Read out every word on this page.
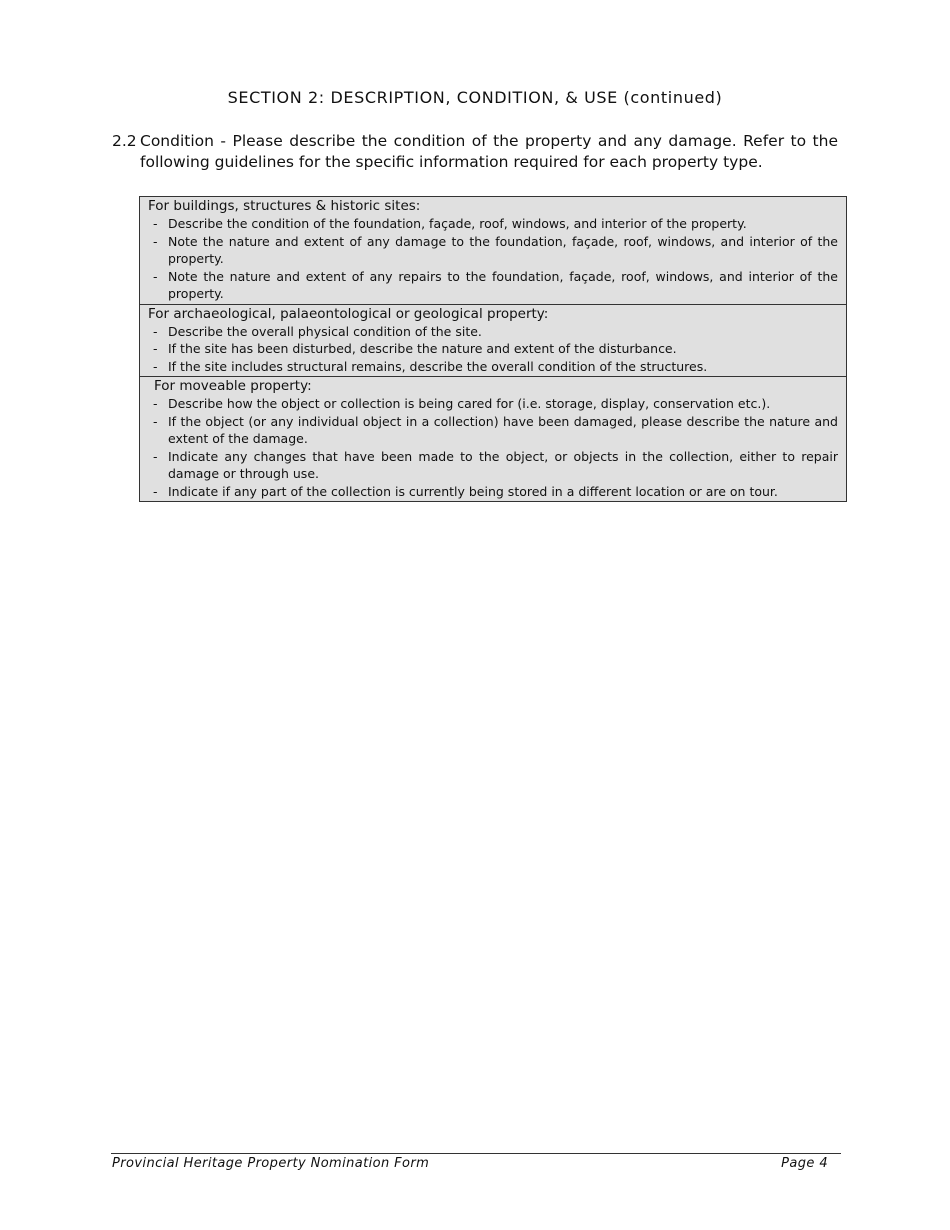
SECTION 2: DESCRIPTION, CONDITION, & USE (continued)
2.2 Condition - Please describe the condition of the property and any damage. Refer to the following guidelines for the specific information required for each property type.
For buildings, structures & historic sites:
- Describe the condition of the foundation, façade, roof, windows, and interior of the property.
- Note the nature and extent of any damage to the foundation, façade, roof, windows, and interior of the property.
- Note the nature and extent of any repairs to the foundation, façade, roof, windows, and interior of the property.
For archaeological, palaeontological or geological property:
- Describe the overall physical condition of the site.
- If the site has been disturbed, describe the nature and extent of the disturbance.
- If the site includes structural remains, describe the overall condition of the structures.
For moveable property:
- Describe how the object or collection is being cared for (i.e. storage, display, conservation etc.).
- If the object (or any individual object in a collection) have been damaged, please describe the nature and extent of the damage.
- Indicate any changes that have been made to the object, or objects in the collection, either to repair damage or through use.
- Indicate if any part of the collection is currently being stored in a different location or are on tour.
Provincial Heritage Property Nomination Form	Page 4
